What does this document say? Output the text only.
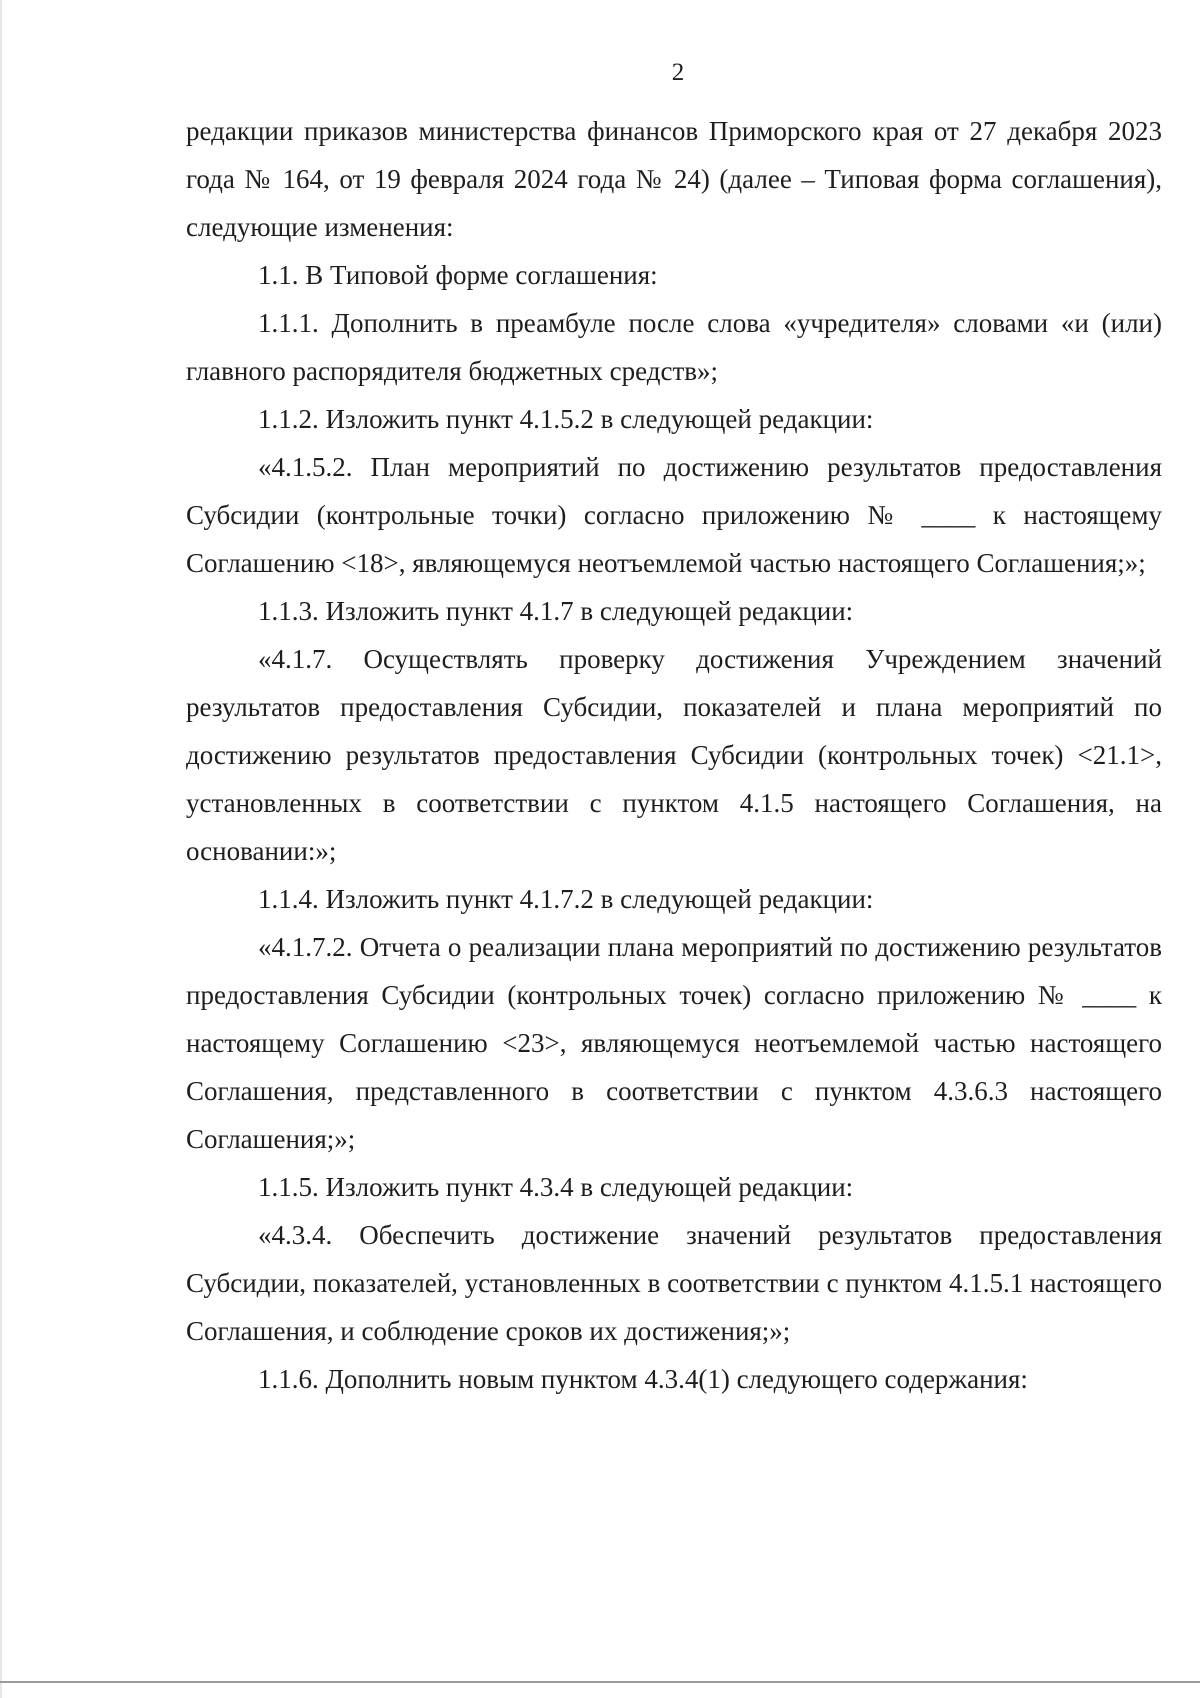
2

редакции приказов министерства финансов Приморского края от 27 декабря 2023 года № 164, от 19 февраля 2024 года № 24) (далее – Типовая форма соглашения), следующие изменения:

1.1. В Типовой форме соглашения:

1.1.1. Дополнить в преамбуле после слова «учредителя» словами «и (или) главного распорядителя бюджетных средств»;

1.1.2. Изложить пункт 4.1.5.2 в следующей редакции:

«4.1.5.2. План мероприятий по достижению результатов предоставления Субсидии (контрольные точки) согласно приложению № ____ к настоящему Соглашению <18>, являющемуся неотъемлемой частью настоящего Соглашения;»;

1.1.3. Изложить пункт 4.1.7 в следующей редакции:

«4.1.7. Осуществлять проверку достижения Учреждением значений результатов предоставления Субсидии, показателей и плана мероприятий по достижению результатов предоставления Субсидии (контрольных точек) <21.1>, установленных в соответствии с пунктом 4.1.5 настоящего Соглашения, на основании:»;

1.1.4. Изложить пункт 4.1.7.2 в следующей редакции:

«4.1.7.2. Отчета о реализации плана мероприятий по достижению результатов предоставления Субсидии (контрольных точек) согласно приложению № ____ к настоящему Соглашению <23>, являющемуся неотъемлемой частью настоящего Соглашения, представленного в соответствии с пунктом 4.3.6.3 настоящего Соглашения;»;

1.1.5. Изложить пункт 4.3.4 в следующей редакции:

«4.3.4. Обеспечить достижение значений результатов предоставления Субсидии, показателей, установленных в соответствии с пунктом 4.1.5.1 настоящего Соглашения, и соблюдение сроков их достижения;»;

1.1.6. Дополнить новым пунктом 4.3.4(1) следующего содержания:
